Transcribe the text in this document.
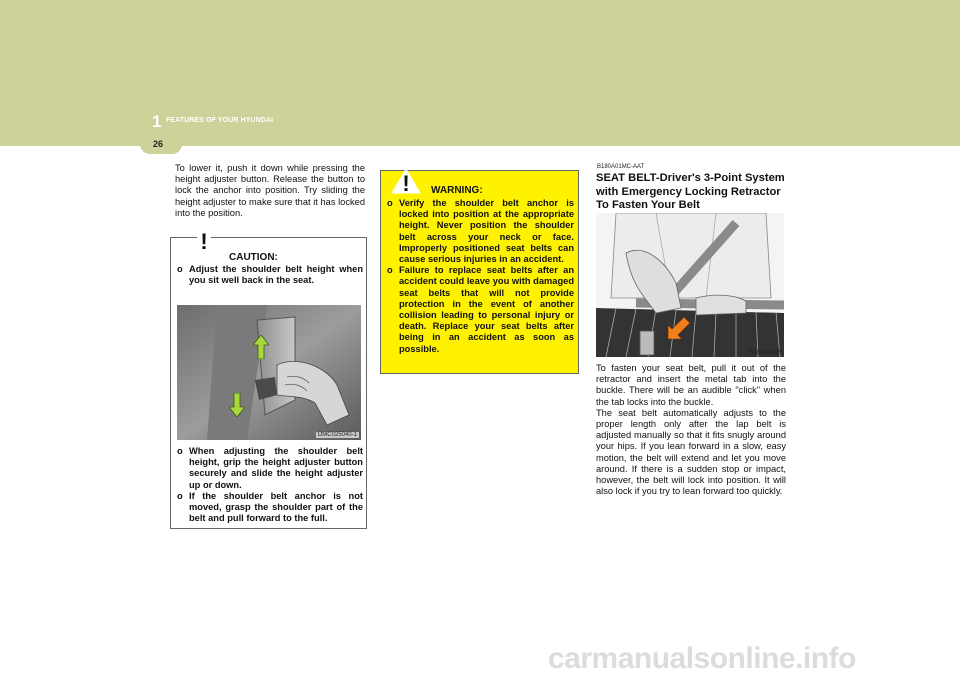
1 FEATURES OF YOUR HYUNDAI
26

To lower it, push it down while pressing the height adjuster button. Release the button to lock the anchor into position. Try sliding the height adjuster to make sure that it has locked into the position.

!
CAUTION:
o Adjust the shoulder belt height when you sit well back in the seat.
OMC025040-1
o When adjusting the shoulder belt height, grip the height adjuster button securely and slide the height adjuster up or down.
o If the shoulder belt anchor is not moved, grasp the shoulder part of the belt and pull forward to the full.
! WARNING:
o Verify the shoulder belt anchor is locked into position at the appropriate height. Never position the shoulder belt across your neck or face. Improperly positioned seat belts can cause serious injuries in an accident.
o Failure to replace seat belts after an accident could leave you with damaged seat belts that will not provide protection in the event of another collision leading to personal injury or death. Replace your seat belts after being in an accident as soon as possible.
B180A01MC-AAT
SEAT BELT-Driver's 3-Point System with Emergency Locking Retractor To Fasten Your Belt
B180A01NF

To fasten your seat belt, pull it out of the retractor and insert the metal tab into the buckle. There will be an audible "click" when the tab locks into the buckle.

The seat belt automatically adjusts to the proper length only after the lap belt is adjusted manually so that it fits snugly around your hips. If you lean forward in a slow, easy motion, the belt will extend and let you move around. If there is a sudden stop or impact, however, the belt will lock into position. It will also lock if you try to lean forward too quickly.

carmanualsonline.info
